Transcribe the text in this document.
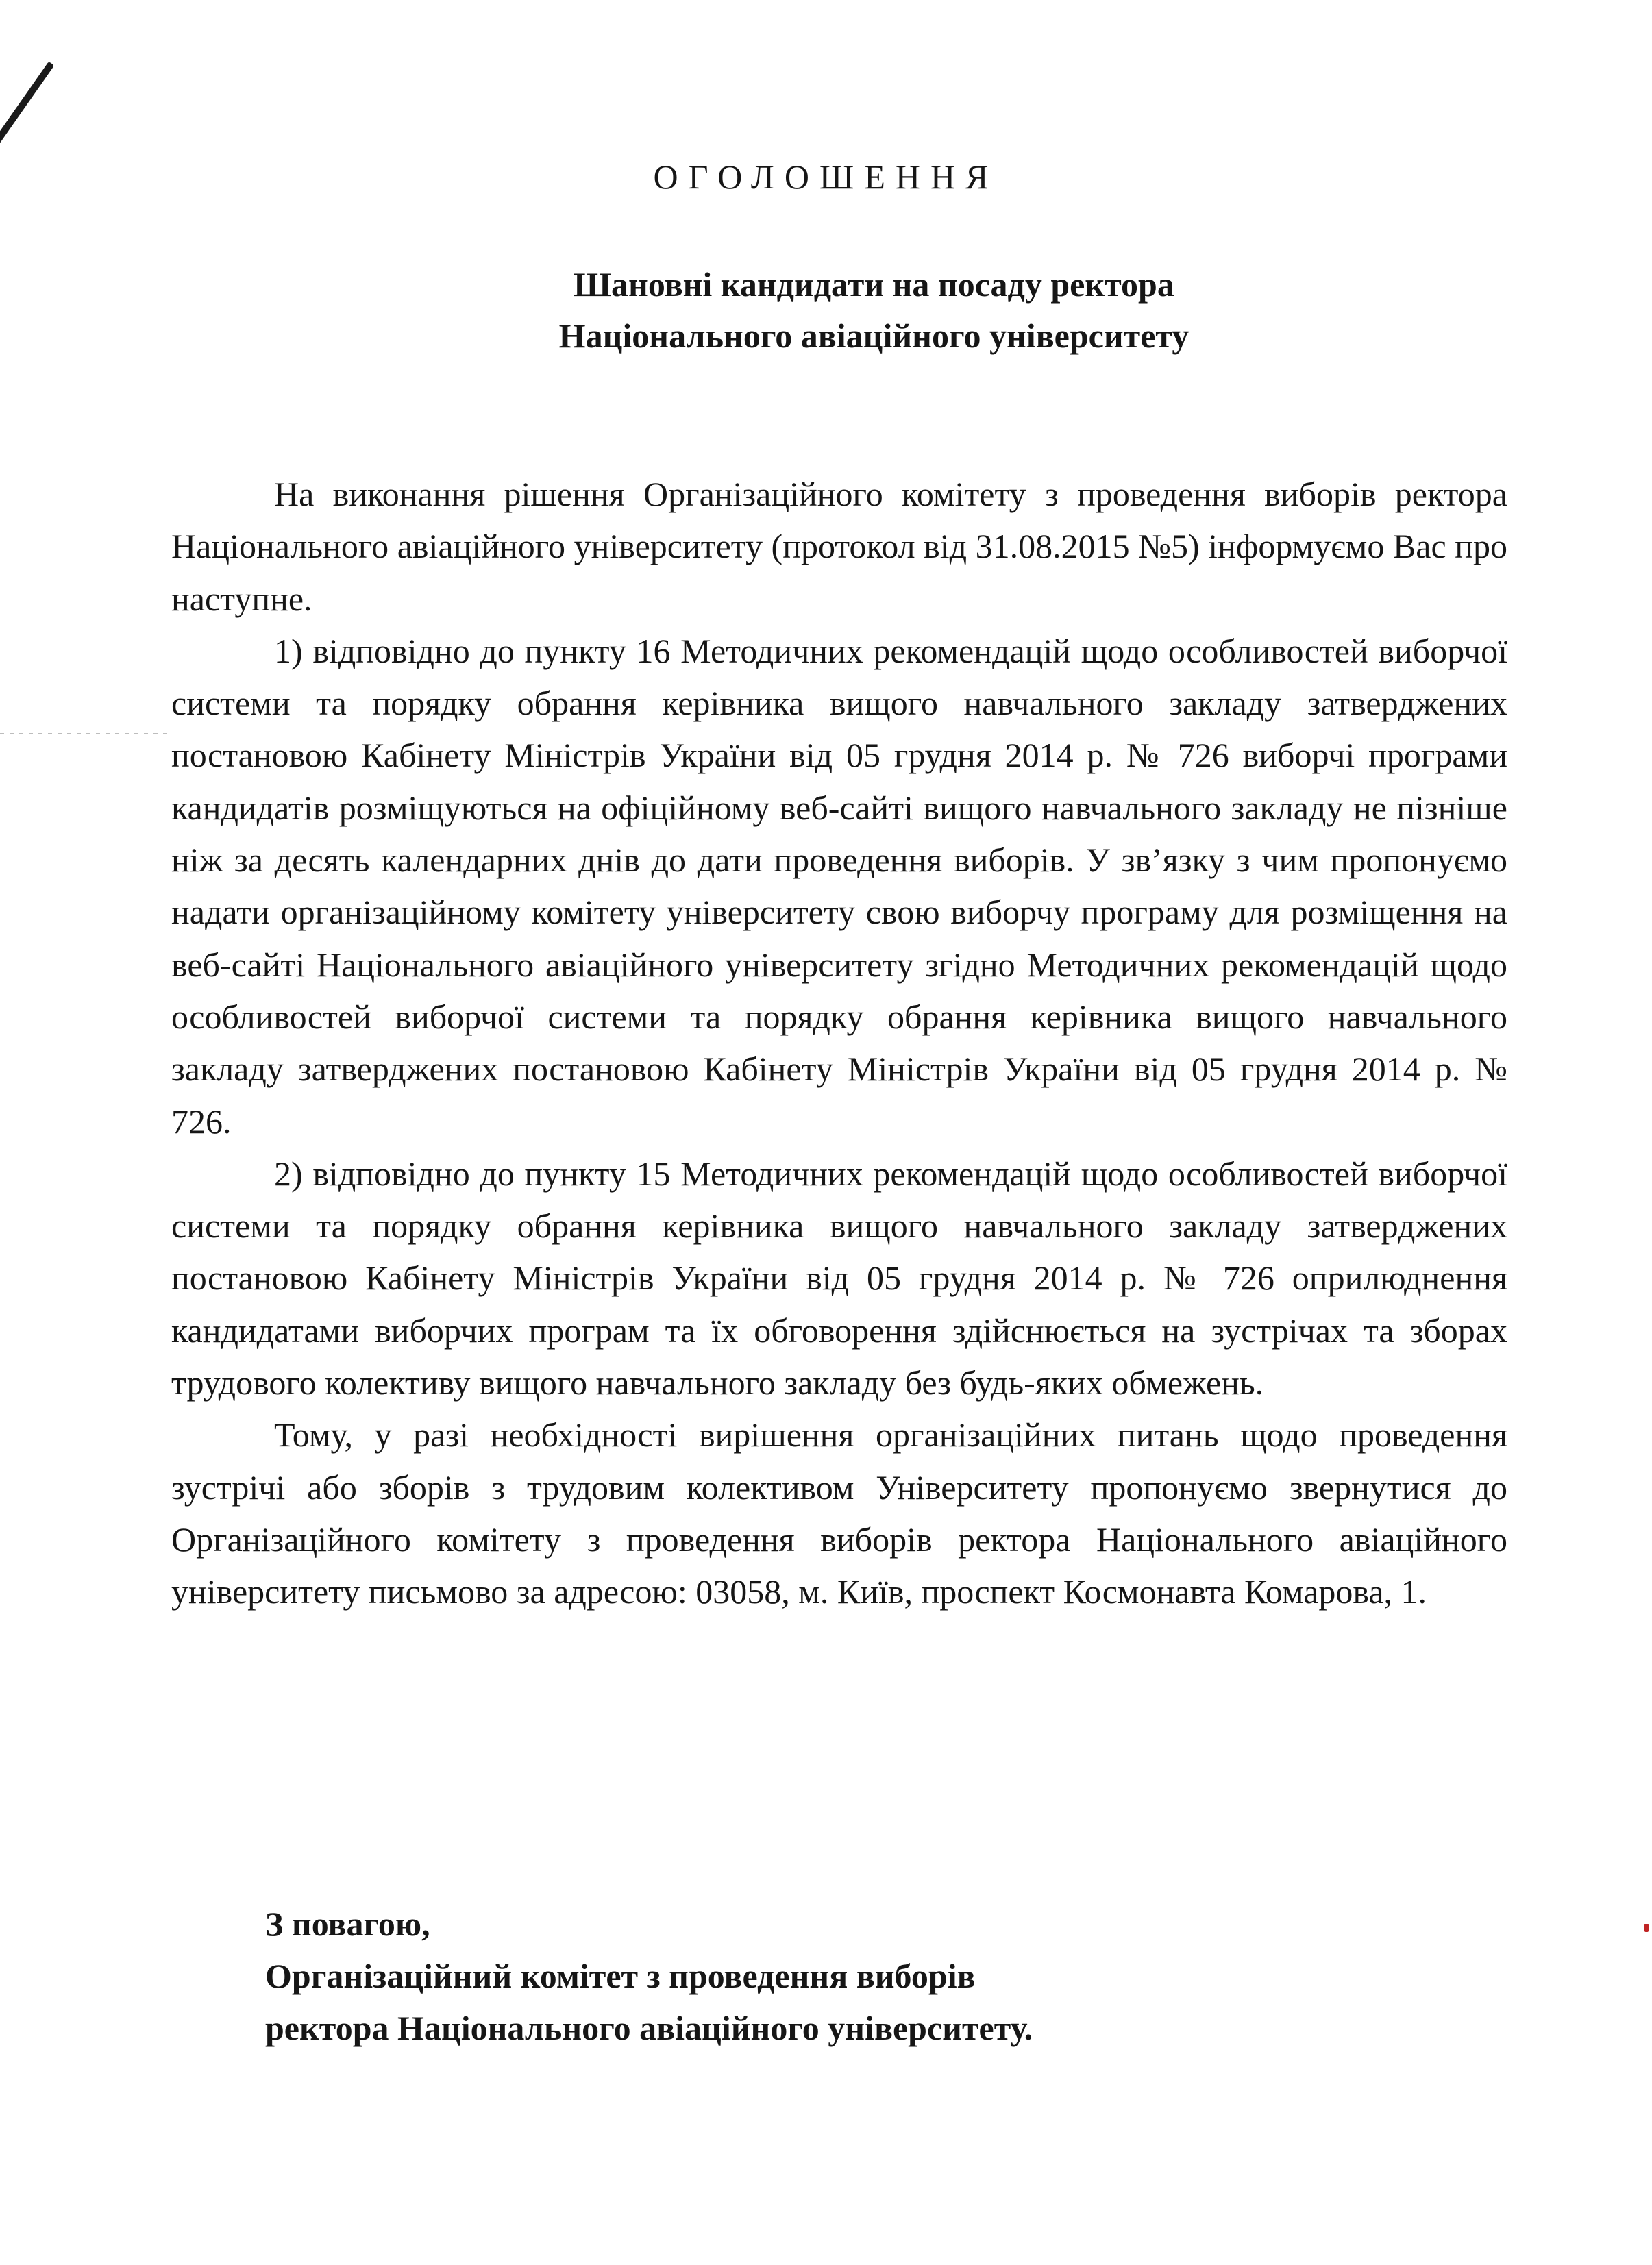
ОГОЛОШЕННЯ
Шановні кандидати на посаду ректора
Національного авіаційного університету

На виконання рішення Організаційного комітету з проведення виборів ректора Національного авіаційного університету (протокол від 31.08.2015 №5) інформуємо Вас про наступне.

1) відповідно до пункту 16 Методичних рекомендацій щодо особливостей виборчої системи та порядку обрання керівника вищого навчального закладу затверджених постановою Кабінету Міністрів України від 05 грудня 2014 р. № 726 виборчі програми кандидатів розміщуються на офіційному веб-сайті вищого навчального закладу не пізніше ніж за десять календарних днів до дати проведення виборів. У зв’язку з чим пропонуємо надати організаційному комітету університету свою виборчу програму для розміщення на веб-сайті Національного авіаційного університету згідно Методичних рекомендацій щодо особливостей виборчої системи та порядку обрання керівника вищого навчального закладу затверджених постановою Кабінету Міністрів України від 05 грудня 2014 р. № 726.

2) відповідно до пункту 15 Методичних рекомендацій щодо особливостей виборчої системи та порядку обрання керівника вищого навчального закладу затверджених постановою Кабінету Міністрів України від 05 грудня 2014 р. № 726 оприлюднення кандидатами виборчих програм та їх обговорення здійснюється на зустрічах та зборах трудового колективу вищого навчального закладу без будь-яких обмежень.

Тому, у разі необхідності вирішення організаційних питань щодо проведення зустрічі або зборів з трудовим колективом Університету пропонуємо звернутися до Організаційного комітету з проведення виборів ректора Національного авіаційного університету письмово за адресою: 03058, м. Київ, проспект Космонавта Комарова, 1.

З повагою,
Організаційний комітет з проведення виборів
ректора Національного авіаційного університету.
